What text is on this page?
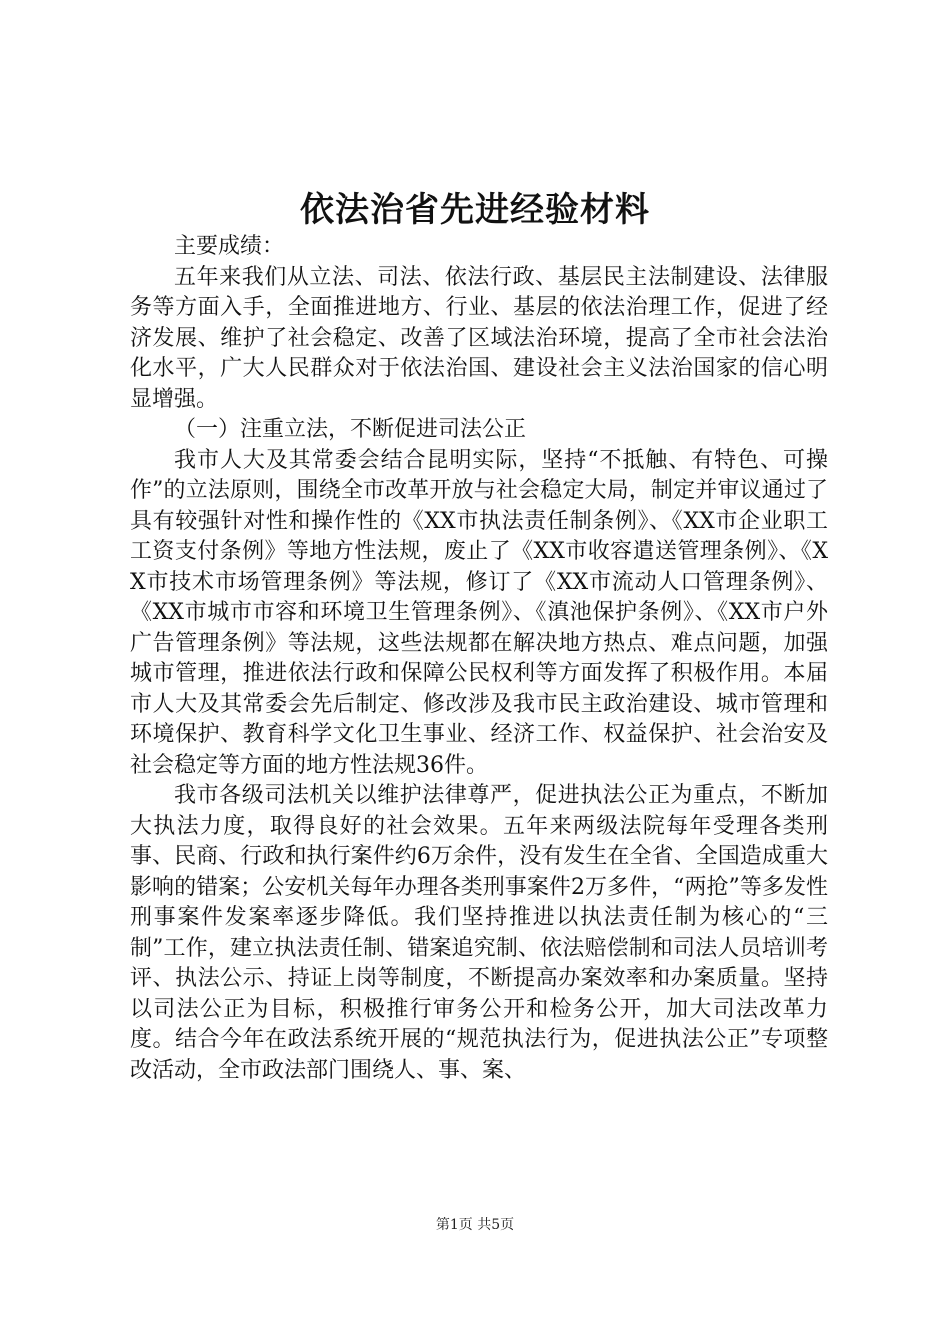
依法治省先进经验材料

主要成绩：

五年来我们从立法、司法、依法行政、基层民主法制建设、法律服务等方面入手，全面推进地方、行业、基层的依法治理工作，促进了经济发展、维护了社会稳定、改善了区域法治环境，提高了全市社会法治化水平，广大人民群众对于依法治国、建设社会主义法治国家的信心明显增强。

（一）注重立法，不断促进司法公正

我市人大及其常委会结合昆明实际，坚持“不抵触、有特色、可操作”的立法原则，围绕全市改革开放与社会稳定大局，制定并审议通过了具有较强针对性和操作性的《XX市执法责任制条例》、《XX市企业职工工资支付条例》等地方性法规，废止了《XX市收容遣送管理条例》、《XX市技术市场管理条例》等法规，修订了《XX市流动人口管理条例》、《XX市城市市容和环境卫生管理条例》、《滇池保护条例》、《XX市户外广告管理条例》等法规，这些法规都在解决地方热点、难点问题，加强城市管理，推进依法行政和保障公民权利等方面发挥了积极作用。本届市人大及其常委会先后制定、修改涉及我市民主政治建设、城市管理和环境保护、教育科学文化卫生事业、经济工作、权益保护、社会治安及社会稳定等方面的地方性法规36件。

我市各级司法机关以维护法律尊严，促进执法公正为重点，不断加大执法力度，取得良好的社会效果。五年来两级法院每年受理各类刑事、民商、行政和执行案件约6万余件，没有发生在全省、全国造成重大影响的错案；公安机关每年办理各类刑事案件2万多件，“两抢”等多发性刑事案件发案率逐步降低。我们坚持推进以执法责任制为核心的“三制”工作，建立执法责任制、错案追究制、依法赔偿制和司法人员培训考评、执法公示、持证上岗等制度，不断提高办案效率和办案质量。坚持以司法公正为目标，积极推行审务公开和检务公开，加大司法改革力度。结合今年在政法系统开展的“规范执法行为，促进执法公正”专项整改活动，全市政法部门围绕人、事、案、

第1页 共5页
